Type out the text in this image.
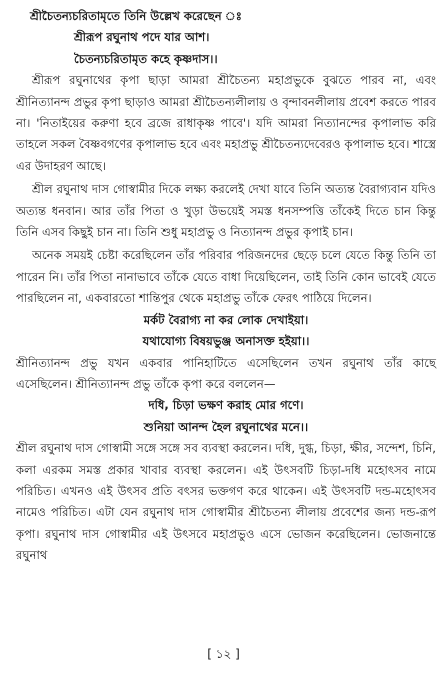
শ্রীচৈতন্যচরিতামৃতে তিনি উল্লেখ করেছেন ঃ

শ্রীরূপ রঘুনাথ পদে যার আশ।

চৈতন্যচরিতামৃত কহে কৃষ্ণদাস।।

শ্রীরূপ রঘুনাথের কৃপা ছাড়া আমরা শ্রীচৈতন্য মহাপ্রভুকে বুঝতে পারব না, এবং শ্রীনিত্যানন্দ প্রভুর কৃপা ছাড়াও আমরা শ্রীচৈতন্যলীলায় ও বৃন্দাবনলীলায় প্রবেশ করতে পারব না। 'নিতাইয়ের করুণা হবে ব্রজে রাধাকৃষ্ণ পাবে'। যদি আমরা নিত্যানন্দের কৃপালাভ করি তাহলে সকল বৈষ্ণবগণের কৃপালাভ হবে এবং মহাপ্রভু শ্রীচৈতন্যদেবেরও কৃপালাভ হবে। শাস্ত্রে এর উদাহরণ আছে।

শ্রীল রঘুনাথ দাস গোস্বামীর দিকে লক্ষ্য করলেই দেখা যাবে তিনি অত্যন্ত বৈরাগ্যবান যদিও অত্যন্ত ধনবান। আর তাঁর পিতা ও খুড়া উভয়েই সমস্ত ধনসম্পত্তি তাঁকেই দিতে চান কিন্তু তিনি এসব কিছুই চান না। তিনি শুধু মহাপ্রভু ও নিত্যানন্দ প্রভুর কৃপাই চান।

অনেক সময়ই চেষ্টা করেছিলেন তাঁর পরিবার পরিজনদের ছেড়ে চলে যেতে কিন্তু তিনি তা পারেন নি। তাঁর পিতা নানাভাবে তাঁকে যেতে বাধা দিয়েছিলেন, তাই তিনি কোন ভাবেই যেতে পারছিলেন না, একবারতো শান্তিপুর থেকে মহাপ্রভু তাঁকে ফেরৎ পাঠিয়ে দিলেন।

মর্কট বৈরাগ্য না কর লোক দেখাইয়া।

যথাযোগ্য বিষয়ভুঞ্জ অনাসক্ত হইয়া।।

শ্রীনিত্যানন্দ প্রভু যখন একবার পানিহাটিতে এসেছিলেন তখন রঘুনাথ তাঁর কাছে এসেছিলেন। শ্রীনিত্যানন্দ প্রভু তাঁকে কৃপা করে বললেন—

দধি, চিড়া ভক্ষণ করাহ মোর গণে।

শুনিয়া আনন্দ হৈল রঘুনাথের মনে।।

শ্রীল রঘুনাথ দাস গোস্বামী সঙ্গে সঙ্গে সব ব্যবস্থা করলেন। দধি, দুগ্ধ, চিড়া, ক্ষীর, সন্দেশ, চিনি, কলা এরকম সমস্ত প্রকার খাবার ব্যবস্থা করলেন। এই উৎসবটি চিড়া-দধি মহোৎসব নামে পরিচিত। এখনও এই উৎসব প্রতি বৎসর ভক্তগণ করে থাকেন। এই উৎসবটি দন্ড-মহোৎসব নামেও পরিচিত। এটা যেন রঘুনাথ দাস গোস্বামীর শ্রীচৈতন্য লীলায় প্রবেশের জন্য দন্ড-রূপ কৃপা। রঘুনাথ দাস গোস্বামীর এই উৎসবে মহাপ্রভুও এসে ভোজন করেছিলেন। ভোজনান্তে রঘুনাথ

[ ১২ ]
